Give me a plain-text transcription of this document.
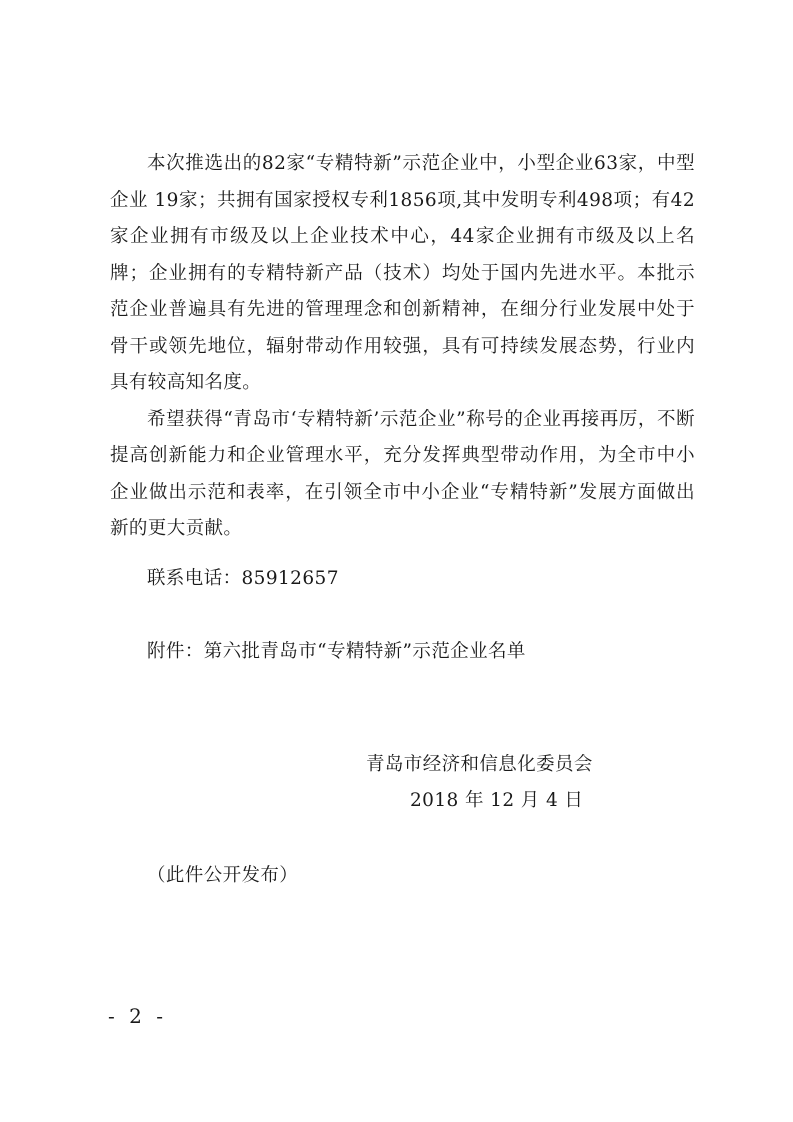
本次推选出的82家“专精特新”示范企业中，小型企业63家，中型企业 19家；共拥有国家授权专利1856项,其中发明专利498项；有42家企业拥有市级及以上企业技术中心，44家企业拥有市级及以上名牌；企业拥有的专精特新产品（技术）均处于国内先进水平。本批示范企业普遍具有先进的管理理念和创新精神，在细分行业发展中处于骨干或领先地位，辐射带动作用较强，具有可持续发展态势，行业内具有较高知名度。

希望获得“青岛市‘专精特新’示范企业”称号的企业再接再厉，不断提高创新能力和企业管理水平，充分发挥典型带动作用，为全市中小企业做出示范和表率，在引领全市中小企业“专精特新”发展方面做出新的更大贡献。

联系电话：85912657
附件：第六批青岛市“专精特新”示范企业名单
青岛市经济和信息化委员会
2018 年 12 月 4 日
（此件公开发布）
- 2 -
